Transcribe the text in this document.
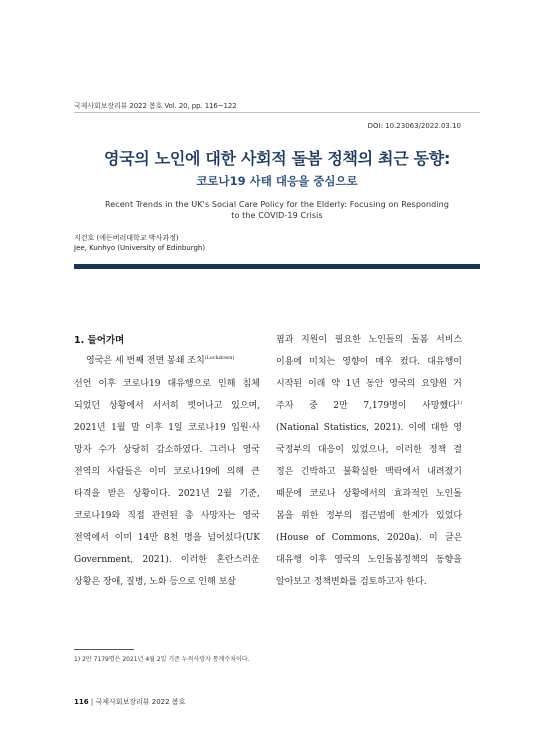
국제사회보장리뷰 2022 봄호 Vol. 20, pp. 116~122
DOI: 10.23063/2022.03.10
영국의 노인에 대한 사회적 돌봄 정책의 최근 동향:
코로나19 사태 대응을 중심으로
Recent Trends in the UK's Social Care Policy for the Elderly: Focusing on Responding
to the COVID-19 Crisis
지건호 (에든버러대학교 박사과정)
Jee, Kunhyo (University of Edinburgh)
1. 들어가며
영국은 세 번째 전면 봉쇄 조치$^{(Lockdown)}$
선언 이후 코로나19 대유행으로 인해 침체
되었던 상황에서 서서히 벗어나고 있으며,
2021년 1월 말 이후 1일 코로나19 입원·사
망자 수가 상당히 감소하였다. 그러나 영국
전역의 사람들은 이미 코로나19에 의해 큰
타격을 받은 상황이다. 2021년 2월 기준,
코로나19와 직접 관련된 총 사망자는 영국
전역에서 이미 14만 8천 명을 넘어섰다(UK
Government, 2021). 이러한 혼란스러운
상황은 장애, 질병, 노화 등으로 인해 보살
핌과 지원이 필요한 노인들의 돌봄 서비스
이용에 미치는 영향이 매우 컸다. 대유행이
시작된 이래 약 1년 동안 영국의 요양원 거
주자 중 2만 7,179명이 사망했다$^{1)}$
(National Statistics, 2021). 이에 대한 영
국정부의 대응이 있었으나, 이러한 정책 결
정은 긴박하고 불확실한 맥락에서 내려졌기
때문에 코로나 상황에서의 효과적인 노인돌
봄을 위한 정부의 접근법에 한계가 있었다
(House of Commons, 2020a). 이 글은
대유행 이후 영국의 노인돌봄정책의 동향을
알아보고 정책변화를 검토하고자 한다.
1) 2만 7179명은 2021년 4월 2일 기준 누적사망자 통계수치이다.
116 | 국제사회보장리뷰 2022 봄호
